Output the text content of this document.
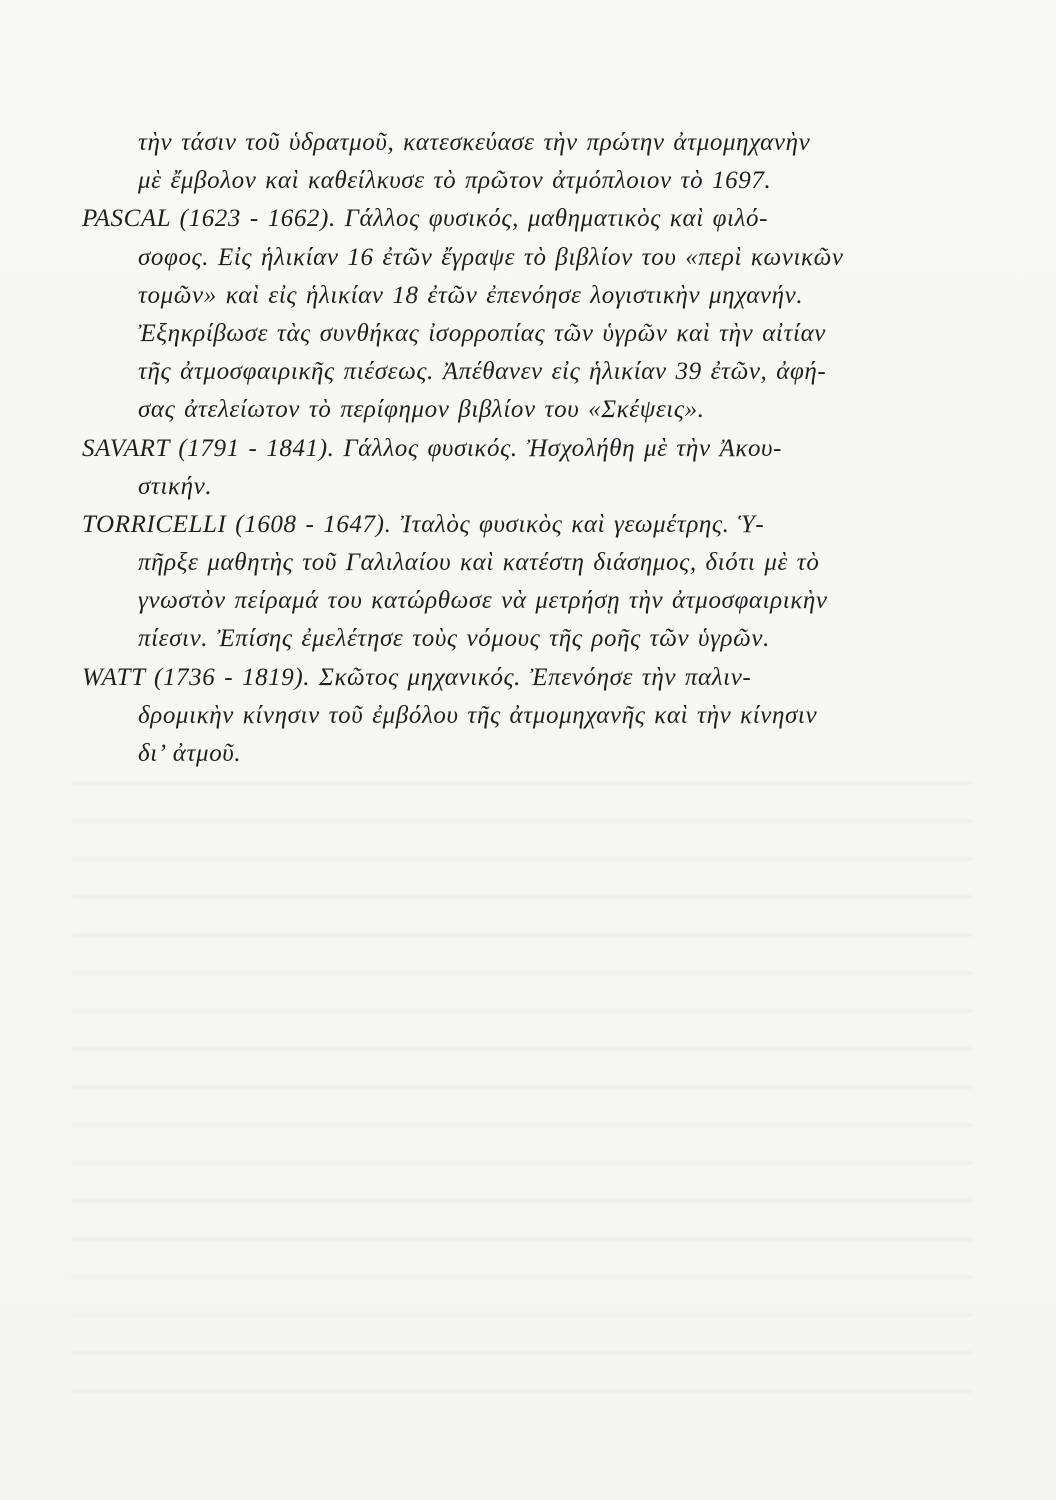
τὴν τάσιν τοῦ ὑδρατμοῦ, κατεσκεύασε τὴν πρώτην ἀτμομηχανὴν
μὲ ἔμβολον καὶ καθείλκυσε τὸ πρῶτον ἀτμόπλοιον τὸ 1697.
PASCAL (1623 - 1662). Γάλλος φυσικός, μαθηματικὸς καὶ φιλό-
σοφος. Εἰς ἡλικίαν 16 ἐτῶν ἔγραψε τὸ βιβλίον του «περὶ κωνικῶν
τομῶν» καὶ εἰς ἡλικίαν 18 ἐτῶν ἐπενόησε λογιστικὴν μηχανήν.
Ἐξηκρίβωσε τὰς συνθήκας ἰσορροπίας τῶν ὑγρῶν καὶ τὴν αἰτίαν
τῆς ἀτμοσφαιρικῆς πιέσεως. Ἀπέθανεν εἰς ἡλικίαν 39 ἐτῶν, ἀφή-
σας ἀτελείωτον τὸ περίφημον βιβλίον του «Σκέψεις».
SAVART (1791 - 1841). Γάλλος φυσικός. Ἠσχολήθη μὲ τὴν Ἀκου-
στικήν.
TORRICELLI (1608 - 1647). Ἰταλὸς φυσικὸς καὶ γεωμέτρης. Ὑ-
πῆρξε μαθητὴς τοῦ Γαλιλαίου καὶ κατέστη διάσημος, διότι μὲ τὸ
γνωστὸν πείραμά του κατώρθωσε νὰ μετρήσῃ τὴν ἀτμοσφαιρικὴν
πίεσιν. Ἐπίσης ἐμελέτησε τοὺς νόμους τῆς ροῆς τῶν ὑγρῶν.
WATT (1736 - 1819). Σκῶτος μηχανικός. Ἐπενόησε τὴν παλιν-
δρομικὴν κίνησιν τοῦ ἐμβόλου τῆς ἀτμομηχανῆς καὶ τὴν κίνησιν
δι’ ἀτμοῦ.
